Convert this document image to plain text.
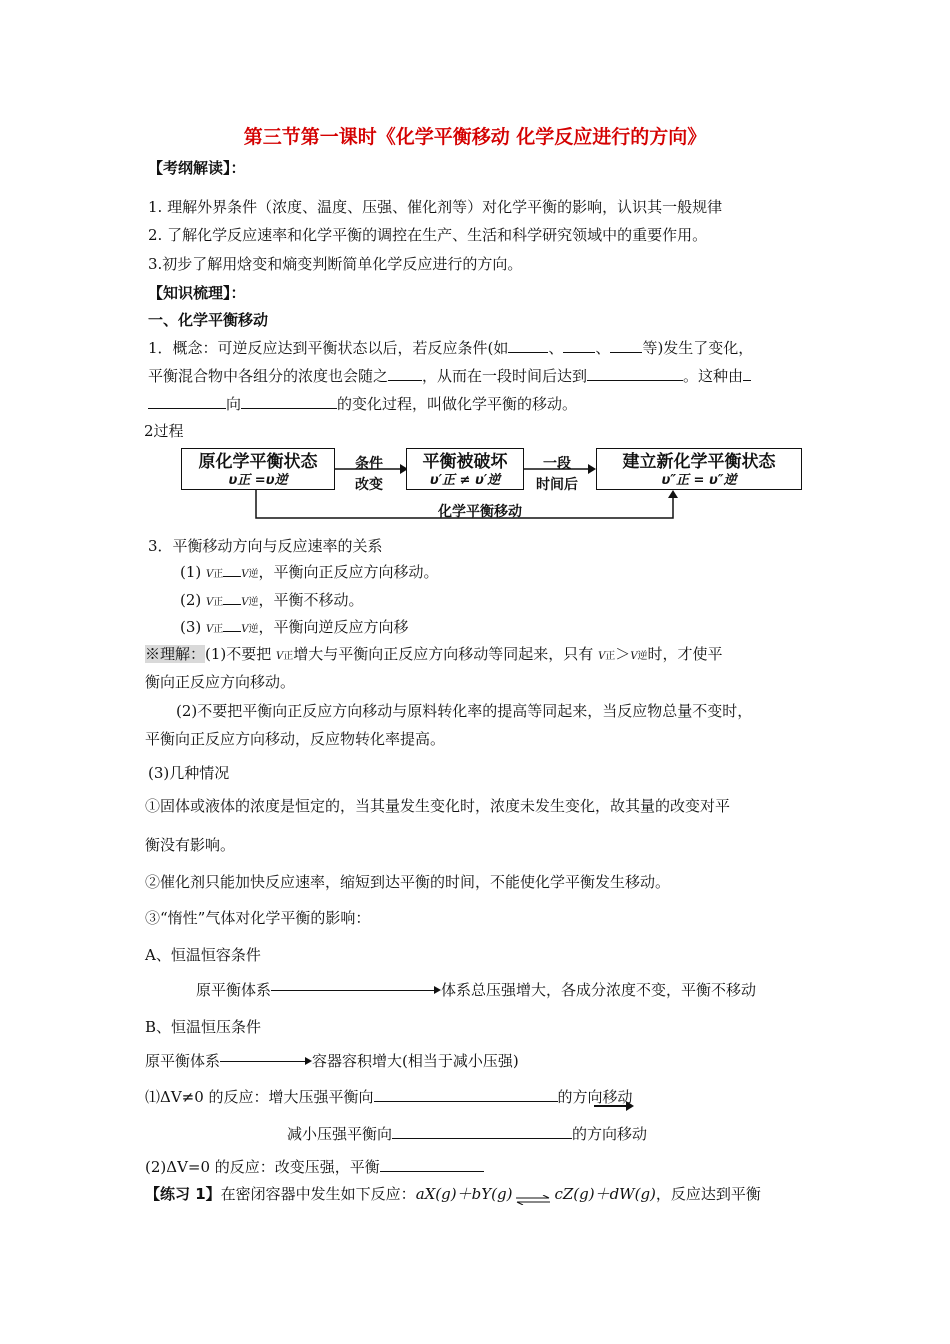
第三节第一课时《化学平衡移动 化学反应进行的方向》
【考纲解读】：
1. 理解外界条件（浓度、温度、压强、催化剂等）对化学平衡的影响，认识其一般规律
2. 了解化学反应速率和化学平衡的调控在生产、生活和科学研究领域中的重要作用。
3.初步了解用焓变和熵变判断简单化学反应进行的方向。
【知识梳理】：
一、化学平衡移动
1．概念：可逆反应达到平衡状态以后，若反应条件(如	、 、 等)发生了变化，
平衡混合物中各组分的浓度也会随之 ，从而在一段时间后达到	。这种由
向	的变化过程，叫做化学平衡的移动。
2过程
原化学平衡状态
υ正 =υ逆
条件
改变
平衡被破坏
υ′正 ≠ υ′逆
一段
时间后
建立新化学平衡状态
υ″正 = υ″逆
化学平衡移动
3．平衡移动方向与反应速率的关系
(1) V正 V逆，平衡向正反应方向移动。
(2) V正 V逆，平衡不移动。
(3) V正 V逆，平衡向逆反应方向移
※理解：(1)不要把 V正增大与平衡向正反应方向移动等同起来，只有 V正＞V逆时，才使平
衡向正反应方向移动。
(2)不要把平衡向正反应方向移动与原料转化率的提高等同起来，当反应物总量不变时，
平衡向正反应方向移动，反应物转化率提高。
(3)几种情况
①固体或液体的浓度是恒定的，当其量发生变化时，浓度未发生变化，故其量的改变对平
衡没有影响。
②催化剂只能加快反应速率，缩短到达平衡的时间，不能使化学平衡发生移动。
③“惰性”气体对化学平衡的影响：
A、恒温恒容条件
原平衡体系	体系总压强增大，各成分浓度不变，平衡不移动
B、恒温恒压条件
原平衡体系	容器容积增大(相当于减小压强)
⑴ΔV≠0 的反应：增大压强平衡向	的方向移动
减小压强平衡向	的方向移动
(2)ΔV=0 的反应：改变压强，平衡
【练习 1】在密闭容器中发生如下反应：aX(g)＋bY(g) ⇌ cZ(g)＋dW(g)，反应达到平衡
